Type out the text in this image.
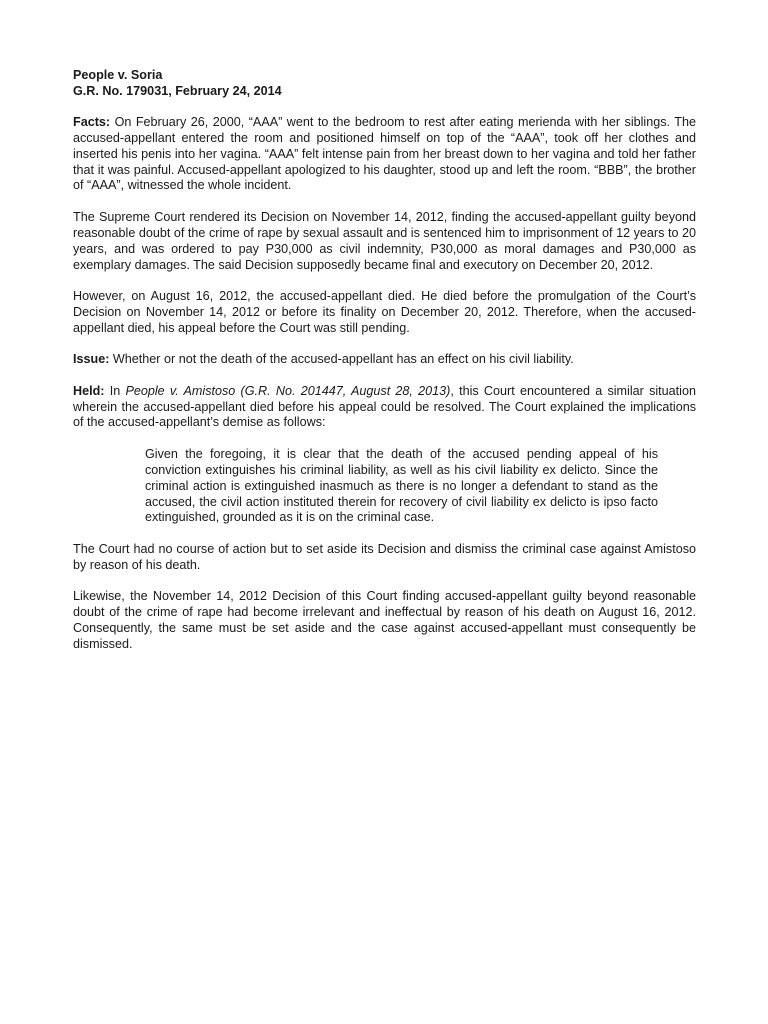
People v. Soria
G.R. No. 179031, February 24, 2014

Facts: On February 26, 2000, “AAA” went to the bedroom to rest after eating merienda with her siblings. The accused-appellant entered the room and positioned himself on top of the “AAA”, took off her clothes and inserted his penis into her vagina. “AAA” felt intense pain from her breast down to her vagina and told her father that it was painful. Accused-appellant apologized to his daughter, stood up and left the room. “BBB”, the brother of “AAA”, witnessed the whole incident.

The Supreme Court rendered its Decision on November 14, 2012, finding the accused-appellant guilty beyond reasonable doubt of the crime of rape by sexual assault and is sentenced him to imprisonment of 12 years to 20 years, and was ordered to pay P30,000 as civil indemnity, P30,000 as moral damages and P30,000 as exemplary damages. The said Decision supposedly became final and executory on December 20, 2012.

However, on August 16, 2012, the accused-appellant died. He died before the promulgation of the Court’s Decision on November 14, 2012 or before its finality on December 20, 2012. Therefore, when the accused-appellant died, his appeal before the Court was still pending.

Issue: Whether or not the death of the accused-appellant has an effect on his civil liability.

Held: In People v. Amistoso (G.R. No. 201447, August 28, 2013), this Court encountered a similar situation wherein the accused-appellant died before his appeal could be resolved. The Court explained the implications of the accused-appellant’s demise as follows:

Given the foregoing, it is clear that the death of the accused pending appeal of his conviction extinguishes his criminal liability, as well as his civil liability ex delicto. Since the criminal action is extinguished inasmuch as there is no longer a defendant to stand as the accused, the civil action instituted therein for recovery of civil liability ex delicto is ipso facto extinguished, grounded as it is on the criminal case.

The Court had no course of action but to set aside its Decision and dismiss the criminal case against Amistoso by reason of his death.

Likewise, the November 14, 2012 Decision of this Court finding accused-appellant guilty beyond reasonable doubt of the crime of rape had become irrelevant and ineffectual by reason of his death on August 16, 2012. Consequently, the same must be set aside and the case against accused-appellant must consequently be dismissed.
